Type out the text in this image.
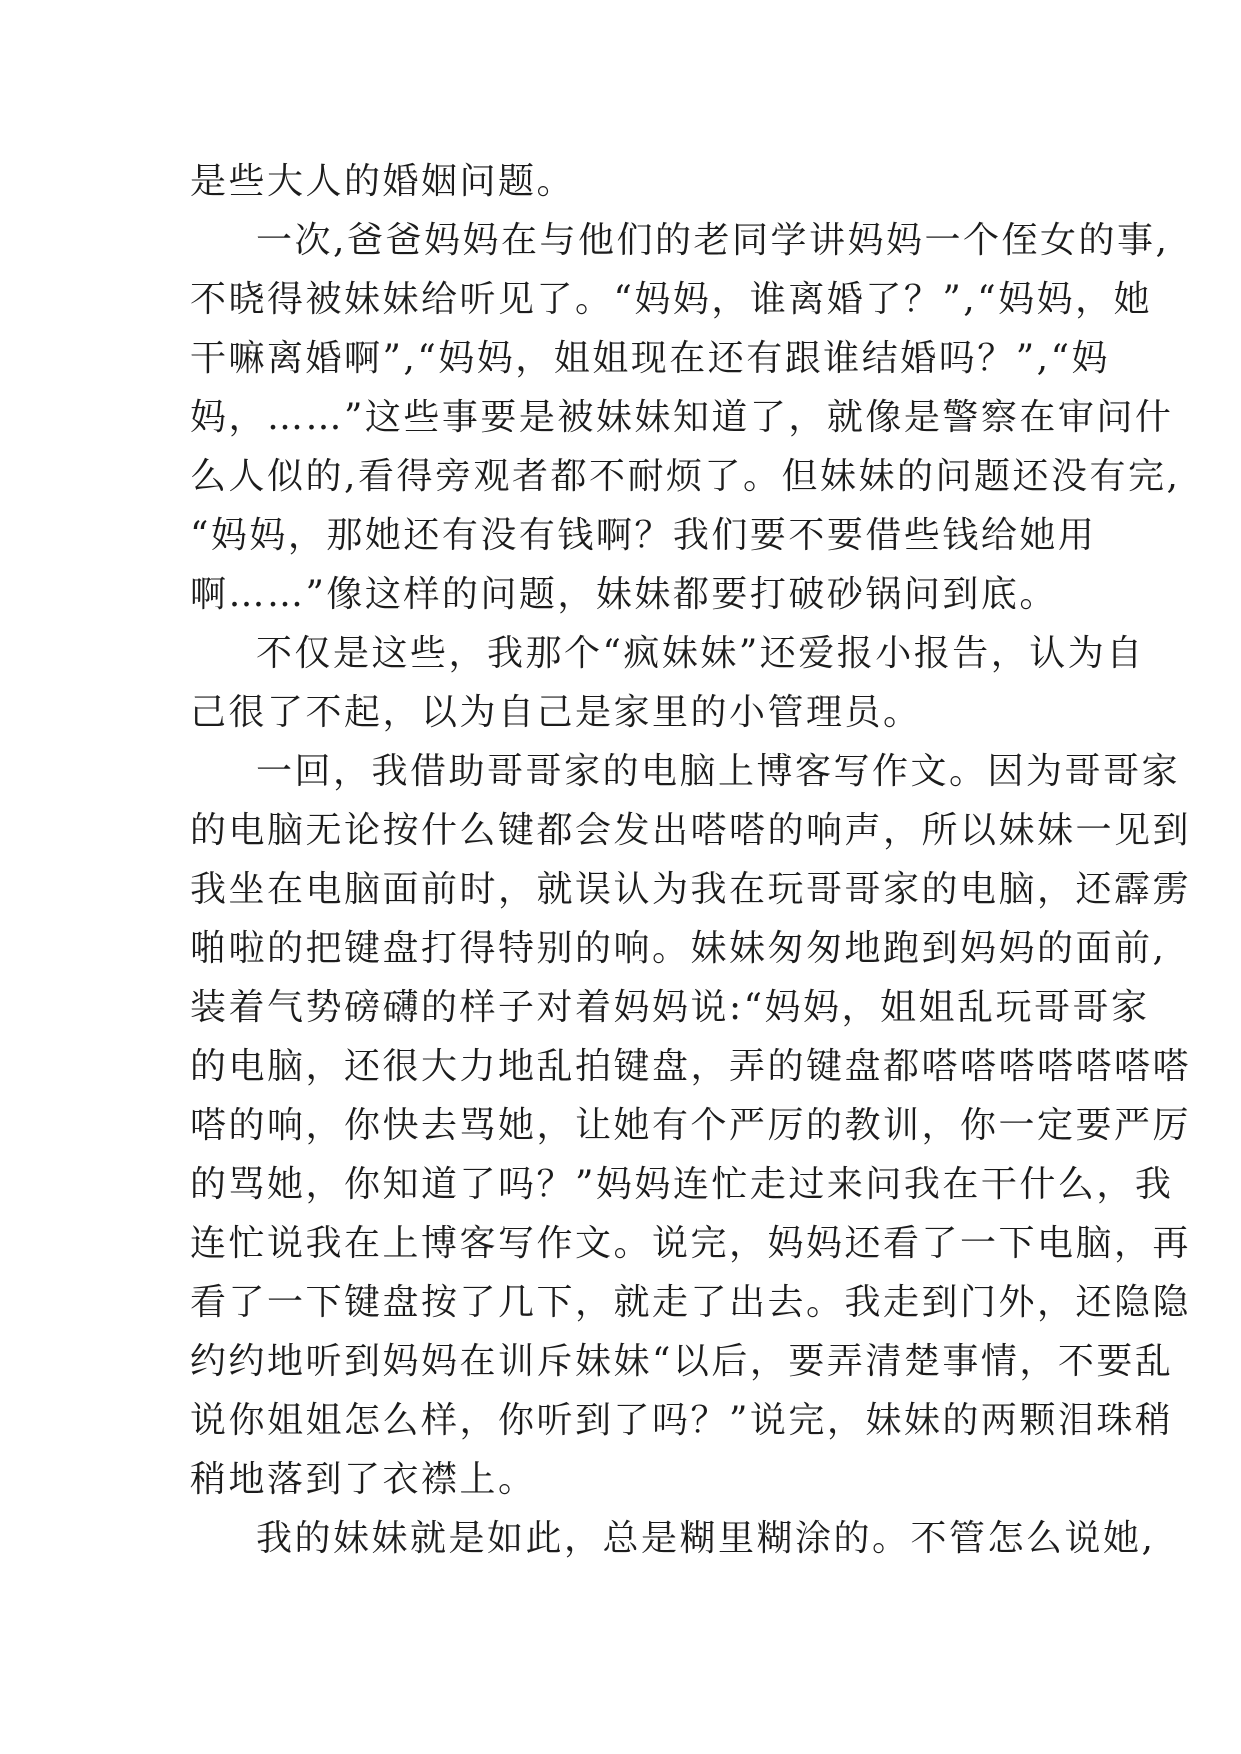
是些大人的婚姻问题。
一次,爸爸妈妈在与他们的老同学讲妈妈一个侄女的事,
不晓得被妹妹给听见了。“妈妈，谁离婚了？”,“妈妈，她
干嘛离婚啊”,“妈妈，姐姐现在还有跟谁结婚吗？”,“妈
妈，……”这些事要是被妹妹知道了，就像是警察在审问什
么人似的,看得旁观者都不耐烦了。但妹妹的问题还没有完,
“妈妈，那她还有没有钱啊？我们要不要借些钱给她用
啊……”像这样的问题，妹妹都要打破砂锅问到底。
不仅是这些，我那个“疯妹妹”还爱报小报告，认为自
己很了不起，以为自己是家里的小管理员。
一回，我借助哥哥家的电脑上博客写作文。因为哥哥家
的电脑无论按什么键都会发出嗒嗒的响声，所以妹妹一见到
我坐在电脑面前时，就误认为我在玩哥哥家的电脑，还霹雳
啪啦的把键盘打得特别的响。妹妹匆匆地跑到妈妈的面前,
装着气势磅礴的样子对着妈妈说:“妈妈，姐姐乱玩哥哥家
的电脑，还很大力地乱拍键盘，弄的键盘都嗒嗒嗒嗒嗒嗒嗒
嗒的响，你快去骂她，让她有个严厉的教训，你一定要严厉
的骂她，你知道了吗？”妈妈连忙走过来问我在干什么，我
连忙说我在上博客写作文。说完，妈妈还看了一下电脑，再
看了一下键盘按了几下，就走了出去。我走到门外，还隐隐
约约地听到妈妈在训斥妹妹“以后，要弄清楚事情，不要乱
说你姐姐怎么样，你听到了吗？”说完，妹妹的两颗泪珠稍
稍地落到了衣襟上。
我的妹妹就是如此，总是糊里糊涂的。不管怎么说她,
